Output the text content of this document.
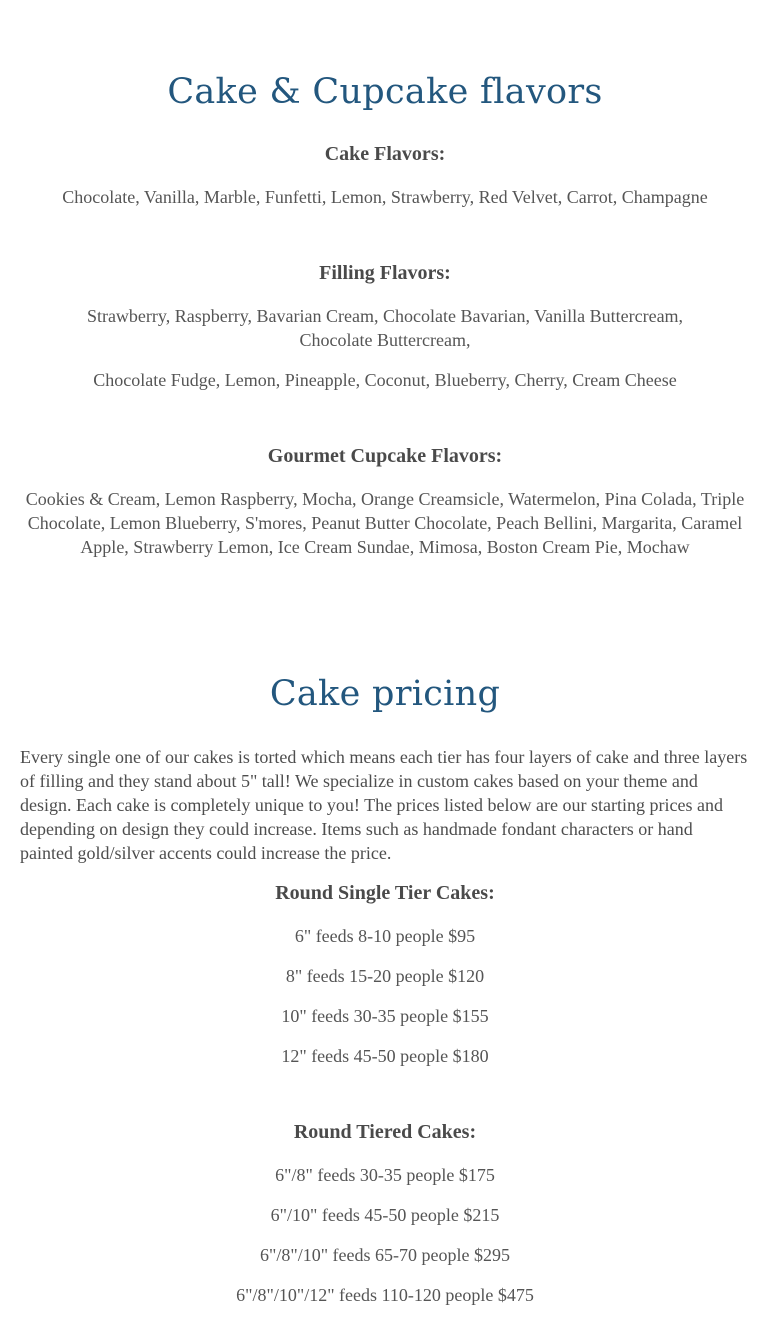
Cake & Cupcake flavors

Cake Flavors:

Chocolate, Vanilla, Marble, Funfetti, Lemon, Strawberry, Red Velvet, Carrot, Champagne

Filling Flavors:

Strawberry, Raspberry, Bavarian Cream, Chocolate Bavarian, Vanilla Buttercream, Chocolate Buttercream,

Chocolate Fudge, Lemon, Pineapple, Coconut, Blueberry, Cherry, Cream Cheese

Gourmet Cupcake Flavors:

Cookies & Cream, Lemon Raspberry, Mocha, Orange Creamsicle, Watermelon, Pina Colada, Triple Chocolate, Lemon Blueberry, S'mores, Peanut Butter Chocolate, Peach Bellini, Margarita, Caramel Apple, Strawberry Lemon, Ice Cream Sundae, Mimosa, Boston Cream Pie, Mochaw

Cake pricing

Every single one of our cakes is torted which means each tier has four layers of cake and three layers of filling and they stand about 5" tall! We specialize in custom cakes based on your theme and design. Each cake is completely unique to you! The prices listed below are our starting prices and depending on design they could increase. Items such as handmade fondant characters or hand painted gold/silver accents could increase the price.

Round Single Tier Cakes:

6" feeds 8-10 people $95

8" feeds 15-20 people $120

10" feeds 30-35 people $155

12" feeds 45-50 people $180

Round Tiered Cakes:

6"/8" feeds 30-35 people $175

6"/10" feeds 45-50 people $215

6"/8"/10" feeds 65-70 people $295

6"/8"/10"/12" feeds 110-120 people $475
